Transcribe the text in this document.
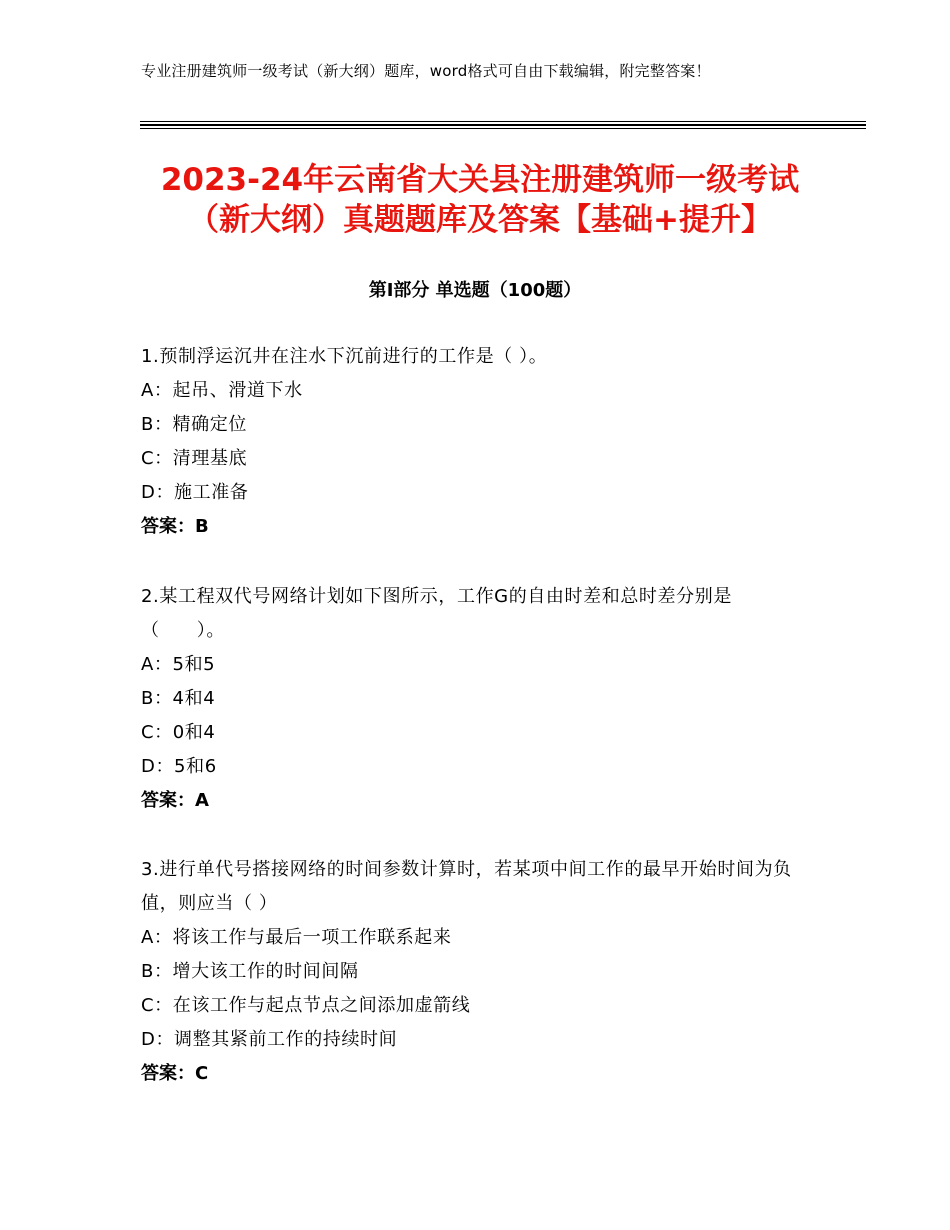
专业注册建筑师一级考试（新大纲）题库，word格式可自由下载编辑，附完整答案！
2023-24年云南省大关县注册建筑师一级考试（新大纲）真题题库及答案【基础+提升】
第Ⅰ部分 单选题（100题）
1.预制浮运沉井在注水下沉前进行的工作是（ ）。
A：起吊、滑道下水
B：精确定位
C：清理基底
D：施工准备
答案：B
2.某工程双代号网络计划如下图所示，工作G的自由时差和总时差分别是（　　）。
A：5和5
B：4和4
C：0和4
D：5和6
答案：A
3.进行单代号搭接网络的时间参数计算时，若某项中间工作的最早开始时间为负值，则应当（ ）
A：将该工作与最后一项工作联系起来
B：增大该工作的时间间隔
C：在该工作与起点节点之间添加虚箭线
D：调整其紧前工作的持续时间
答案：C
